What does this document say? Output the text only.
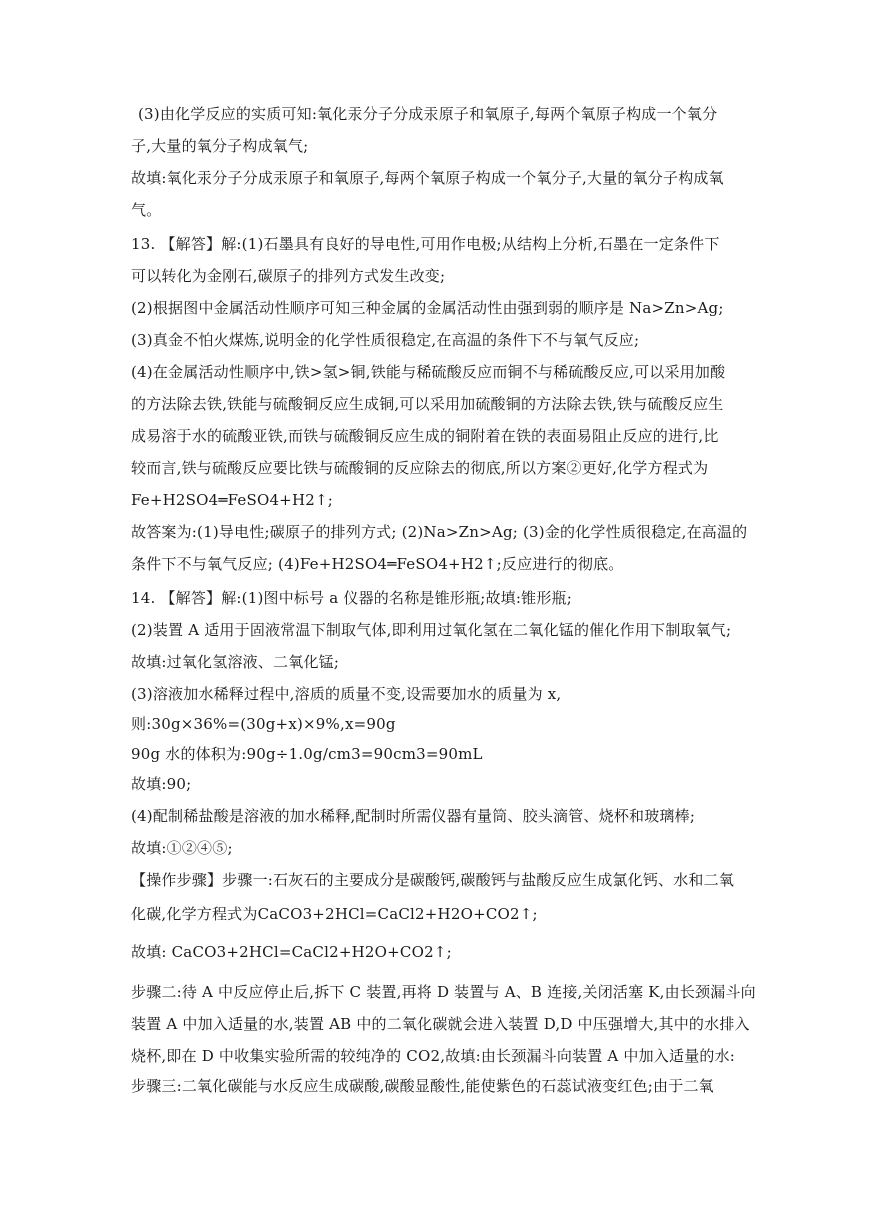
(3)由化学反应的实质可知:氧化汞分子分成汞原子和氧原子,每两个氧原子构成一个氧分
子,大量的氧分子构成氧气;
故填:氧化汞分子分成汞原子和氧原子,每两个氧原子构成一个氧分子,大量的氧分子构成氧
气。
13. 【解答】解:(1)石墨具有良好的导电性,可用作电极;从结构上分析,石墨在一定条件下
可以转化为金刚石,碳原子的排列方式发生改变;
(2)根据图中金属活动性顺序可知三种金属的金属活动性由强到弱的顺序是 Na>Zn>Ag;
(3)真金不怕火煤炼,说明金的化学性质很稳定,在高温的条件下不与氧气反应;
(4)在金属活动性顺序中,铁>氢>铜,铁能与稀硫酸反应而铜不与稀硫酸反应,可以采用加酸
的方法除去铁,铁能与硫酸铜反应生成铜,可以采用加硫酸铜的方法除去铁,铁与硫酸反应生
成易溶于水的硫酸亚铁,而铁与硫酸铜反应生成的铜附着在铁的表面易阻止反应的进行,比
较而言,铁与硫酸反应要比铁与硫酸铜的反应除去的彻底,所以方案②更好,化学方程式为
Fe+H2SO4═FeSO4+H2↑;
故答案为:(1)导电性;碳原子的排列方式; (2)Na>Zn>Ag; (3)金的化学性质很稳定,在高温的
条件下不与氧气反应; (4)Fe+H2SO4═FeSO4+H2↑;反应进行的彻底。
14. 【解答】解:(1)图中标号 a 仪器的名称是锥形瓶;故填:锥形瓶;
(2)装置 A 适用于固液常温下制取气体,即利用过氧化氢在二氧化锰的催化作用下制取氧气;
故填:过氧化氢溶液、二氧化锰;
(3)溶液加水稀释过程中,溶质的质量不变,设需要加水的质量为 x,
则:30g×36%=(30g+x)×9%,x=90g
90g 水的体积为:90g÷1.0g/cm3=90cm3=90mL
故填:90;
(4)配制稀盐酸是溶液的加水稀释,配制时所需仪器有量筒、胶头滴管、烧杯和玻璃棒;
故填:①②④⑤;
【操作步骤】步骤一:石灰石的主要成分是碳酸钙,碳酸钙与盐酸反应生成氯化钙、水和二氧
化碳,化学方程式为CaCO3+2HCl=CaCl2+H2O+CO2↑;
故填: CaCO3+2HCl=CaCl2+H2O+CO2↑;
步骤二:待 A 中反应停止后,拆下 C 装置,再将 D 装置与 A、B 连接,关闭活塞 K,由长颈漏斗向
装置 A 中加入适量的水,装置 AB 中的二氧化碳就会进入装置 D,D 中压强增大,其中的水排入
烧杯,即在 D 中收集实验所需的较纯净的 CO2,故填:由长颈漏斗向装置 A 中加入适量的水:
步骤三:二氧化碳能与水反应生成碳酸,碳酸显酸性,能使紫色的石蕊试液变红色;由于二氧
